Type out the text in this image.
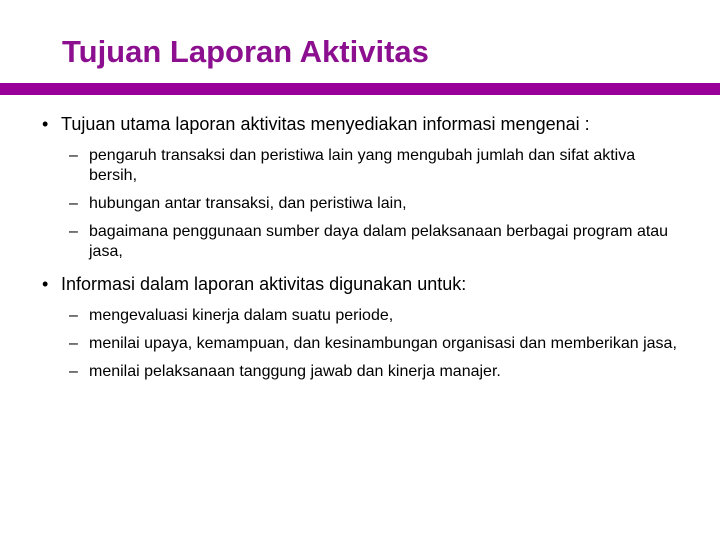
Tujuan Laporan Aktivitas
• Tujuan utama laporan aktivitas menyediakan informasi mengenai :
– pengaruh transaksi dan peristiwa lain yang mengubah jumlah dan sifat aktiva bersih,
– hubungan antar transaksi, dan peristiwa lain,
– bagaimana penggunaan sumber daya dalam pelaksanaan berbagai program atau jasa,
• Informasi dalam laporan aktivitas digunakan untuk:
– mengevaluasi kinerja dalam suatu periode,
– menilai upaya, kemampuan, dan kesinambungan organisasi dan memberikan jasa,
– menilai pelaksanaan tanggung jawab dan kinerja manajer.
